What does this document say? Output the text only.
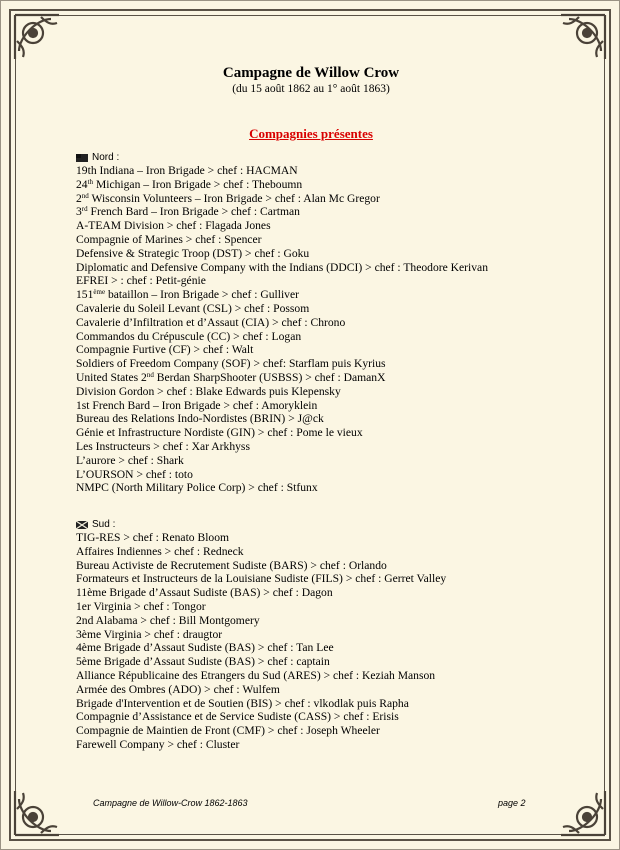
Campagne de Willow Crow
(du 15 août 1862 au 1° août 1863)
Compagnies présentes
Nord :
19th Indiana – Iron Brigade > chef : HACMAN
24th Michigan – Iron Brigade > chef : Theboumn
2nd Wisconsin Volunteers – Iron Brigade > chef : Alan Mc Gregor
3rd French Bard – Iron Brigade > chef : Cartman
A-TEAM Division > chef : Flagada Jones
Compagnie of Marines > chef : Spencer
Defensive & Strategic Troop (DST) > chef : Goku
Diplomatic and Defensive Company with the Indians (DDCI) > chef : Theodore Kerivan
EFREI > : chef : Petit-génie
151ème bataillon – Iron Brigade > chef : Gulliver
Cavalerie du Soleil Levant (CSL) > chef : Possom
Cavalerie d’Infiltration et d’Assaut (CIA) > chef : Chrono
Commandos du Crépuscule (CC) > chef : Logan
Compagnie Furtive (CF) > chef : Walt
Soldiers of Freedom Company (SOF) > chef: Starflam puis Kyrius
United States 2nd Berdan SharpShooter (USBSS) > chef : DamanX
Division Gordon > chef : Blake Edwards puis Klepensky
1st French Bard – Iron Brigade > chef : Amoryklein
Bureau des Relations Indo-Nordistes (BRIN) > J@ck
Génie et Infrastructure Nordiste (GIN) > chef : Pome le vieux
Les Instructeurs > chef : Xar Arkhyss
L’aurore > chef : Shark
L’OURSON > chef : toto
NMPC (North Military Police Corp) > chef : Stfunx
Sud :
TIG-RES > chef : Renato Bloom
Affaires Indiennes > chef : Redneck
Bureau Activiste de Recrutement Sudiste (BARS) > chef : Orlando
Formateurs et Instructeurs de la Louisiane Sudiste (FILS) > chef : Gerret Valley
11ème Brigade d’Assaut Sudiste (BAS) > chef : Dagon
1er Virginia > chef : Tongor
2nd Alabama > chef : Bill Montgomery
3ème Virginia > chef : draugtor
4ème Brigade d’Assaut Sudiste (BAS) > chef : Tan Lee
5ème Brigade d’Assaut Sudiste (BAS) > chef : captain
Alliance Républicaine des Etrangers du Sud (ARES) > chef : Keziah Manson
Armée des Ombres (ADO) > chef : Wulfem
Brigade d'Intervention et de Soutien (BIS) > chef : vlkodlak puis Rapha
Compagnie d’Assistance et de Service Sudiste (CASS) > chef : Erisis
Compagnie de Maintien de Front (CMF) > chef : Joseph Wheeler
Farewell Company > chef : Cluster
Campagne de Willow-Crow 1862-1863	page 2
